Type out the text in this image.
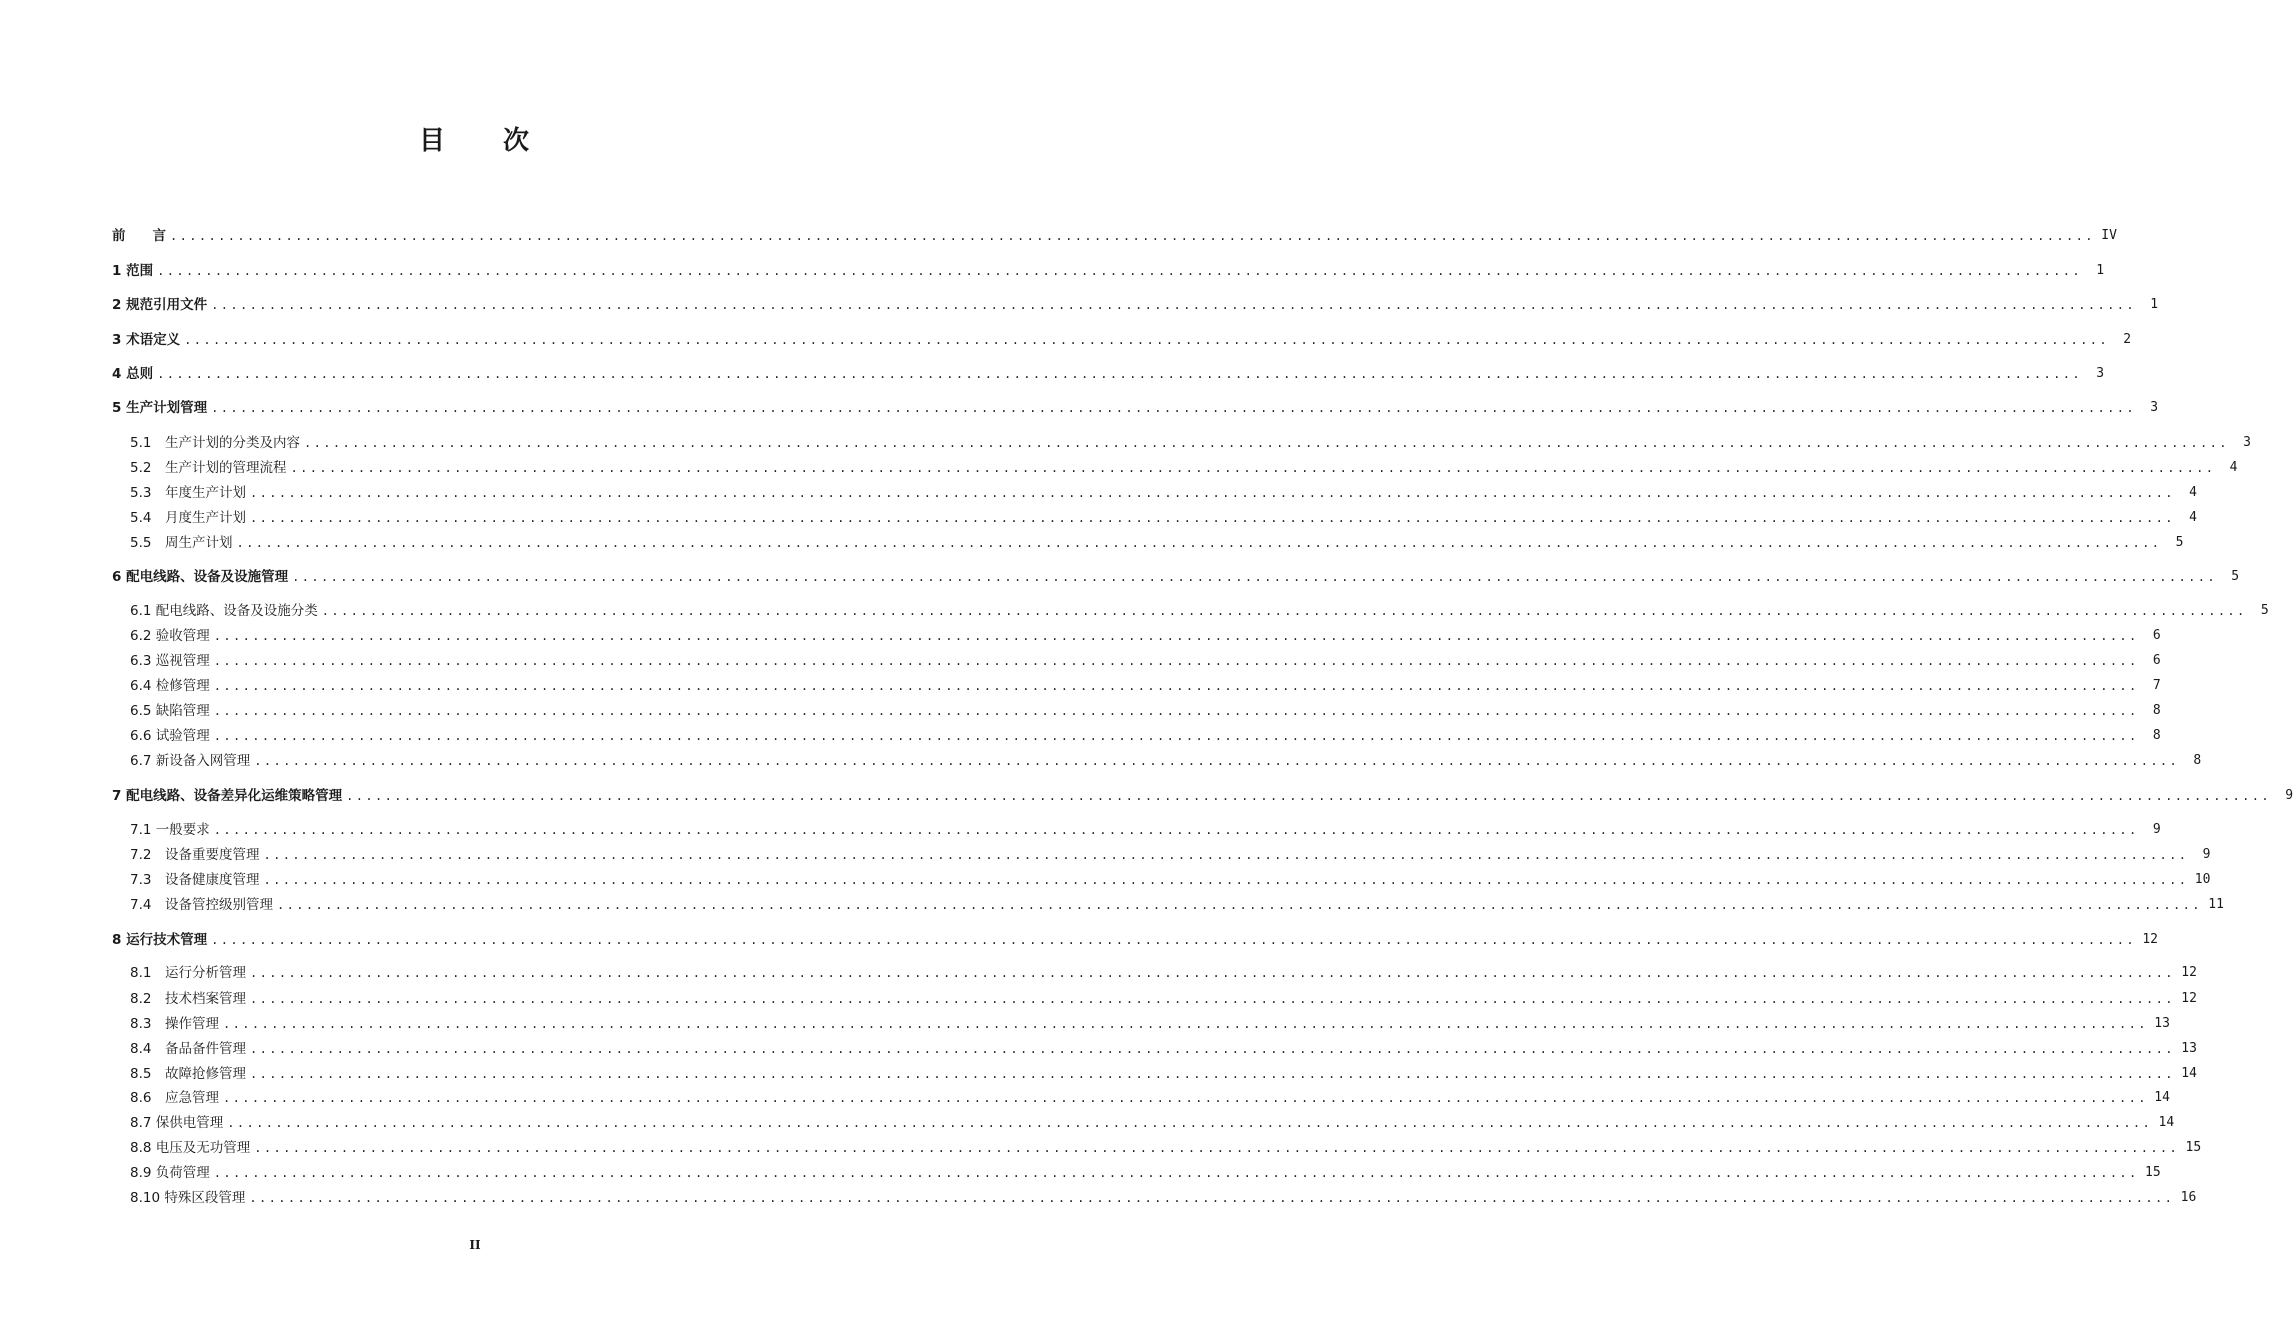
目 次
前　　言 ........................................................................................................................................................................................................ IV
1 范围 ........................................................................................................................................................................................................	1
2 规范引用文件 ........................................................................................................................................................................................................	1
3 术语定义 ........................................................................................................................................................................................................	2
4 总则 ........................................................................................................................................................................................................	3
5 生产计划管理 ........................................................................................................................................................................................................	3
5.1　生产计划的分类及内容 ........................................................................................................................................................................................................	3
5.2　生产计划的管理流程 ........................................................................................................................................................................................................	4
5.3　年度生产计划 ........................................................................................................................................................................................................	4
5.4　月度生产计划 ........................................................................................................................................................................................................	4
5.5　周生产计划 ........................................................................................................................................................................................................	5
6 配电线路、设备及设施管理 ........................................................................................................................................................................................................	5
6.1 配电线路、设备及设施分类 ........................................................................................................................................................................................................	5
6.2 验收管理 ........................................................................................................................................................................................................	6
6.3 巡视管理 ........................................................................................................................................................................................................	6
6.4 检修管理 ........................................................................................................................................................................................................	7
6.5 缺陷管理 ........................................................................................................................................................................................................	8
6.6 试验管理 ........................................................................................................................................................................................................	8
6.7 新设备入网管理 ........................................................................................................................................................................................................	8
7 配电线路、设备差异化运维策略管理 ........................................................................................................................................................................................................	9
7.1 一般要求 ........................................................................................................................................................................................................	9
7.2　设备重要度管理 ........................................................................................................................................................................................................	9
7.3　设备健康度管理 ........................................................................................................................................................................................................ 10
7.4　设备管控级别管理 ........................................................................................................................................................................................................ 11
8 运行技术管理 ........................................................................................................................................................................................................ 12
8.1　运行分析管理 ........................................................................................................................................................................................................ 12
8.2　技术档案管理 ........................................................................................................................................................................................................ 12
8.3　操作管理 ........................................................................................................................................................................................................ 13
8.4　备品备件管理 ........................................................................................................................................................................................................ 13
8.5　故障抢修管理 ........................................................................................................................................................................................................ 14
8.6　应急管理 ........................................................................................................................................................................................................ 14
8.7 保供电管理 ........................................................................................................................................................................................................ 14
8.8 电压及无功管理 ........................................................................................................................................................................................................ 15
8.9 负荷管理 ........................................................................................................................................................................................................ 15
8.10 特殊区段管理 ........................................................................................................................................................................................................ 16
II
